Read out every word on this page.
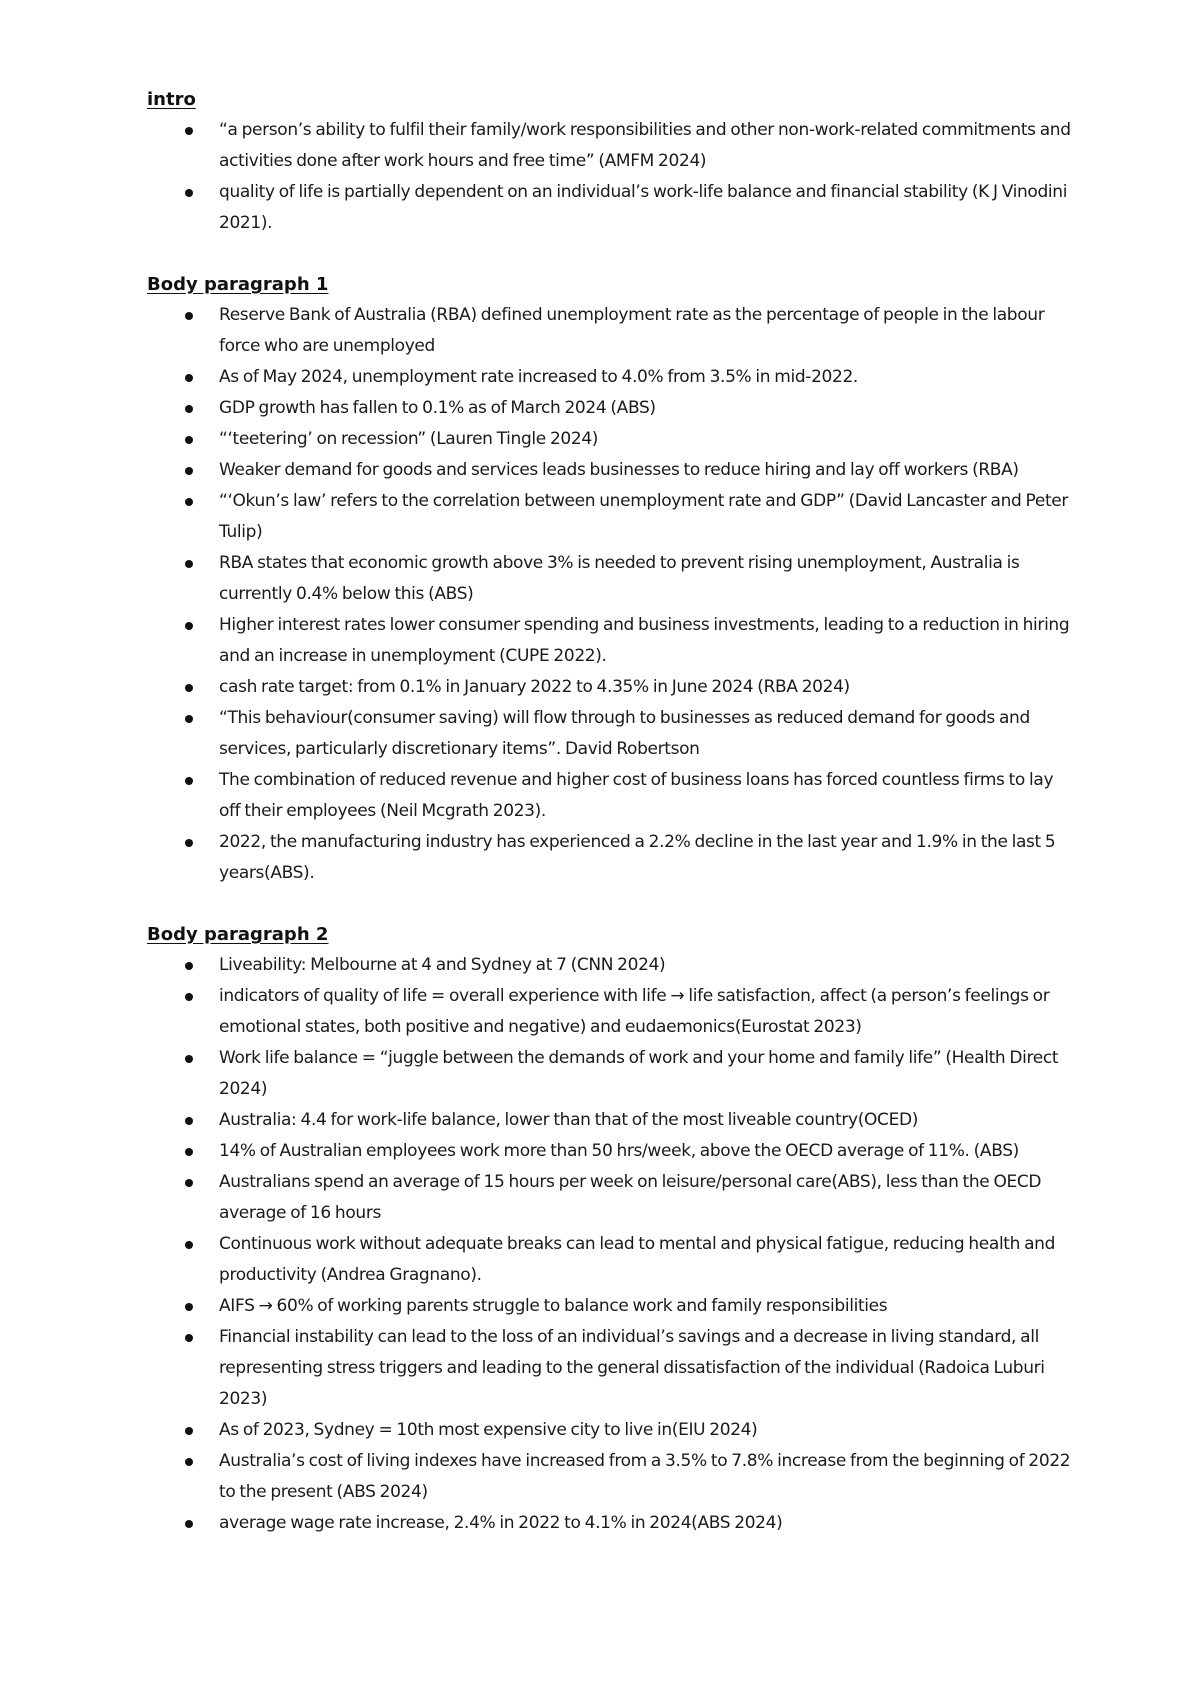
intro
“a person’s ability to fulfil their family/work responsibilities and other non-work-related commitments and activities done after work hours and free time” (AMFM 2024)
quality of life is partially dependent on an individual’s work-life balance and financial stability (K J Vinodini 2021).
Body paragraph 1
Reserve Bank of Australia (RBA) defined unemployment rate as the percentage of people in the labour force who are unemployed
As of May 2024, unemployment rate increased to 4.0% from 3.5% in mid-2022.
GDP growth has fallen to 0.1% as of March 2024 (ABS)
“‘teetering’ on recession” (Lauren Tingle 2024)
Weaker demand for goods and services leads businesses to reduce hiring and lay off workers (RBA)
“‘Okun’s law’ refers to the correlation between unemployment rate and GDP” (David Lancaster and Peter Tulip)
RBA states that economic growth above 3% is needed to prevent rising unemployment, Australia is currently 0.4% below this (ABS)
Higher interest rates lower consumer spending and business investments, leading to a reduction in hiring and an increase in unemployment (CUPE 2022).
cash rate target: from 0.1% in January 2022 to 4.35% in June 2024 (RBA 2024)
“This behaviour(consumer saving) will flow through to businesses as reduced demand for goods and services, particularly discretionary items”. David Robertson
The combination of reduced revenue and higher cost of business loans has forced countless firms to lay off their employees (Neil Mcgrath 2023).
2022, the manufacturing industry has experienced a 2.2% decline in the last year and 1.9% in the last 5 years(ABS).
Body paragraph 2
Liveability: Melbourne at 4 and Sydney at 7 (CNN 2024)
indicators of quality of life = overall experience with life → life satisfaction, affect (a person’s feelings or emotional states, both positive and negative) and eudaemonics(Eurostat 2023)
Work life balance = “juggle between the demands of work and your home and family life” (Health Direct 2024)
Australia: 4.4 for work-life balance, lower than that of the most liveable country(OCED)
14% of Australian employees work more than 50 hrs/week, above the OECD average of 11%. (ABS)
Australians spend an average of 15 hours per week on leisure/personal care(ABS), less than the OECD average of 16 hours
Continuous work without adequate breaks can lead to mental and physical fatigue, reducing health and productivity (Andrea Gragnano).
AIFS → 60% of working parents struggle to balance work and family responsibilities
Financial instability can lead to the loss of an individual’s savings and a decrease in living standard, all representing stress triggers and leading to the general dissatisfaction of the individual (Radoica Luburi 2023)
As of 2023, Sydney = 10th most expensive city to live in(EIU 2024)
Australia’s cost of living indexes have increased from a 3.5% to 7.8% increase from the beginning of 2022 to the present (ABS 2024)
average wage rate increase, 2.4% in 2022 to 4.1% in 2024(ABS 2024)
